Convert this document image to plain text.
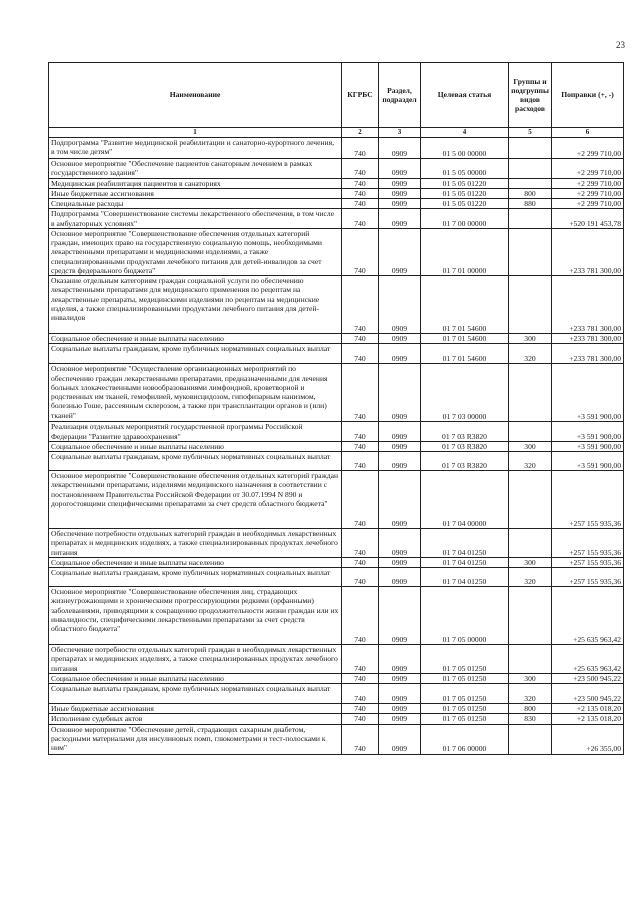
23
Наименование	КГРБС	Раздел, подраздел	Целевая статья	Группы и подгруппы видов расходов	Поправки (+, -)
1	2	3	4	5	6
Подпрограмма "Развитие медицинской реабилитации и санаторно-курортного лечения, в том числе детям"	740	0909	01 5 00 00000		+2 299 710,00
Основное мероприятие "Обеспечение пациентов санаторным лечением в рамках государственного задания"	740	0909	01 5 05 00000		+2 299 710,00
Медицинская реабилитация пациентов в санаториях	740	0909	01 5 05 01220		+2 299 710,00
Иные бюджетные ассигнования	740	0909	01 5 05 01220	800	+2 299 710,00
Специальные расходы	740	0909	01 5 05 01220	880	+2 299 710,00
Подпрограмма "Совершенствование системы лекарственного обеспечения, в том числе в амбулаторных условиях"	740	0909	01 7 00 00000		+520 191 453,78
Основное мероприятие "Совершенствование обеспечения отдельных категорий граждан, имеющих право на государственную социальную помощь, необходимыми лекарственными препаратами и медицинскими изделиями, а также специализированными продуктами лечебного питания для детей-инвалидов за счет средств федерального бюджета"	740	0909	01 7 01 00000		+233 781 300,00
Оказание отдельным категориям граждан социальной услуги по обеспечению лекарственными препаратами для медицинского применения по рецептам на лекарственные препараты, медицинскими изделиями по рецептам на медицинские изделия, а также специализированными продуктами лечебного питания для детей-инвалидов	740	0909	01 7 01 54600		+233 781 300,00
Социальное обеспечение и иные выплаты населению	740	0909	01 7 01 54600	300	+233 781 300,00
Социальные выплаты гражданам, кроме публичных нормативных социальных выплат	740	0909	01 7 01 54600	320	+233 781 300,00
Основное мероприятие "Осуществление организационных мероприятий по обеспечению граждан лекарственными препаратами, предназначенными для лечения больных злокачественными новообразованиями лимфоидной, кроветворной и родственных им тканей, гемофилией, муковисцидозом, гипофизарным нанизмом, болезнью Гоше, рассеянным склерозом, а также при трансплантации органов и (или) тканей"	740	0909	01 7 03 00000		+3 591 900,00
Реализация отдельных мероприятий государственной программы Российской Федерации "Развитие здравоохранения"	740	0909	01 7 03 R3820		+3 591 900,00
Социальное обеспечение и иные выплаты населению	740	0909	01 7 03 R3820	300	+3 591 900,00
Социальные выплаты гражданам, кроме публичных нормативных социальных выплат	740	0909	01 7 03 R3820	320	+3 591 900,00
Основное мероприятие "Совершенствование обеспечения отдельных категорий граждан лекарственными препаратами, изделиями медицинского назначения в соответствии с постановлением Правительства Российской Федерации от 30.07.1994 N 890 и дорогостоящими специфическими препаратами за счет средств областного бюджета"	740	0909	01 7 04 00000		+257 155 935,36
Обеспечение потребности отдельных категорий граждан в необходимых лекарственных препаратах и медицинских изделиях, а также специализированных продуктах лечебного питания	740	0909	01 7 04 01250		+257 155 935,36
Социальное обеспечение и иные выплаты населению	740	0909	01 7 04 01250	300	+257 155 935,36
Социальные выплаты гражданам, кроме публичных нормативных социальных выплат	740	0909	01 7 04 01250	320	+257 155 935,36
Основное мероприятие "Совершенствование обеспечения лиц, страдающих жизнеугрожающими и хроническими прогрессирующими редкими (орфанными) заболеваниями, приводящими к сокращению продолжительности жизни граждан или их инвалидности, специфическими лекарственными препаратами за счет средств областного бюджета"	740	0909	01 7 05 00000		+25 635 963,42
Обеспечение потребности отдельных категорий граждан в необходимых лекарственных препаратах и медицинских изделиях, а также специализированных продуктах лечебного питания	740	0909	01 7 05 01250		+25 635 963,42
Социальное обеспечение и иные выплаты населению	740	0909	01 7 05 01250	300	+23 500 945,22
Социальные выплаты гражданам, кроме публичных нормативных социальных выплат	740	0909	01 7 05 01250	320	+23 500 945,22
Иные бюджетные ассигнования	740	0909	01 7 05 01250	800	+2 135 018,20
Исполнение судебных актов	740	0909	01 7 05 01250	830	+2 135 018,20
Основное мероприятие "Обеспечение детей, страдающих сахарным диабетом, расходными материалами для инсулиновых помп, глюкометрами и тест-полосками к ним"	740	0909	01 7 06 00000		+26 355,00
